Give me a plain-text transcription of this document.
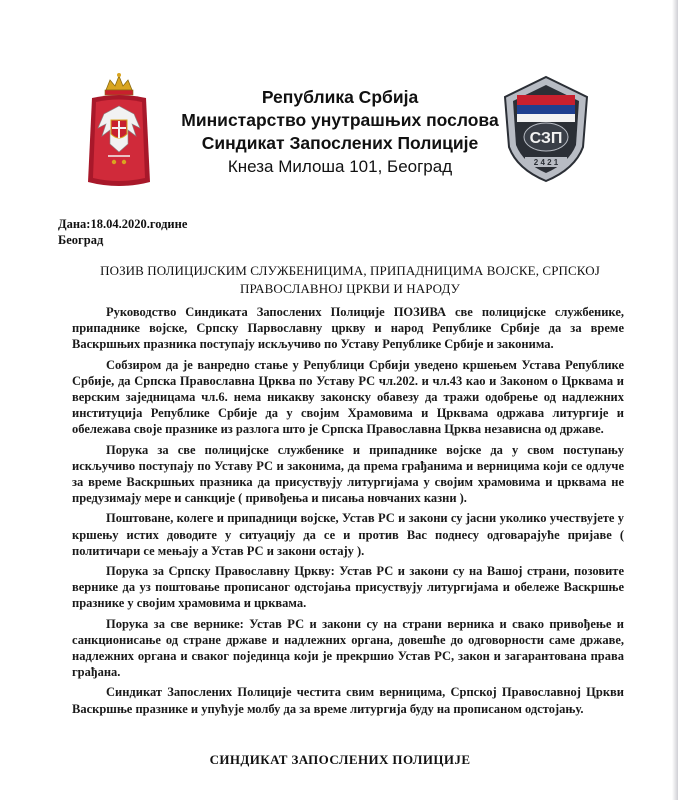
Република Србија
Министарство унутрашњих послова
Синдикат Запослених Полиције
Кнеза Милоша 101, Београд
СЗП
2 4 2 1
Дана:18.04.2020.године
Београд
ПОЗИВ ПОЛИЦИЈСКИМ СЛУЖБЕНИЦИМА, ПРИПАДНИЦИМА ВОЈСКЕ, СРПСКОЈ
ПРАВОСЛАВНОЈ ЦРКВИ И НАРОДУ

Руководство Синдиката Запослених Полиције ПОЗИВА све полицијске службенике, припаднике војске, Српску Парвославну цркву и народ Републике Србије да за време Васкршњих празника поступају искључиво по Уставу Републике Србије и законима.

Собзиром да је ванредно стање у Републици Србији уведено кршењем Устава Републике Србије, да Српска Православна Црква по Уставу РС чл.202. и чл.43 као и Законом о Црквама и верским заједницама чл.6. нема никакву законску обавезу да тражи одобрење од надлежних институција Републике Србије да у својим Храмовима и Црквама одржава литургије и обележава своје празнике из разлога што је Српска Православна Црква независна од државе.

Порука за све полицијске службенике и припаднике војске да у свом поступању искључиво поступају по Уставу РС и законима, да према грађанима и верницима који се одлуче за време Васкршњих празника да присуствују литургијама у својим храмовима и црквама не предузимају мере и санкције ( привођења и писања новчаних казни ).

Поштоване, колеге и припадници војске, Устав РС и закони су јасни уколико учествујете у кршењу истих доводите у ситуацију да се и против Вас поднесу одговарајуће пријаве ( политичари се мењају а Устав РС и закони остају ).

Порука за Српску Православну Цркву: Устав РС и закони су на Вашој страни, позовите вернике да уз поштовање прописаног одстојања присуствују литургијама и обележе Васкршње празнике у својим храмовима и црквама.

Порука за све вернике: Устав РС и закони су на страни верника и свако привођење и санкционисање од стране државе и надлежних органа, довешће до одговорности саме државе, надлежних органа и сваког појединца који је прекршио Устав РС, закон и загарантована права грађана.

Синдикат Запослених Полиције честита свим верницима, Српској Православној Цркви Васкршње празнике и упућује молбу да за време литургија буду на прописаном одстојању.

СИНДИКАТ ЗАПОСЛЕНИХ ПОЛИЦИЈЕ
